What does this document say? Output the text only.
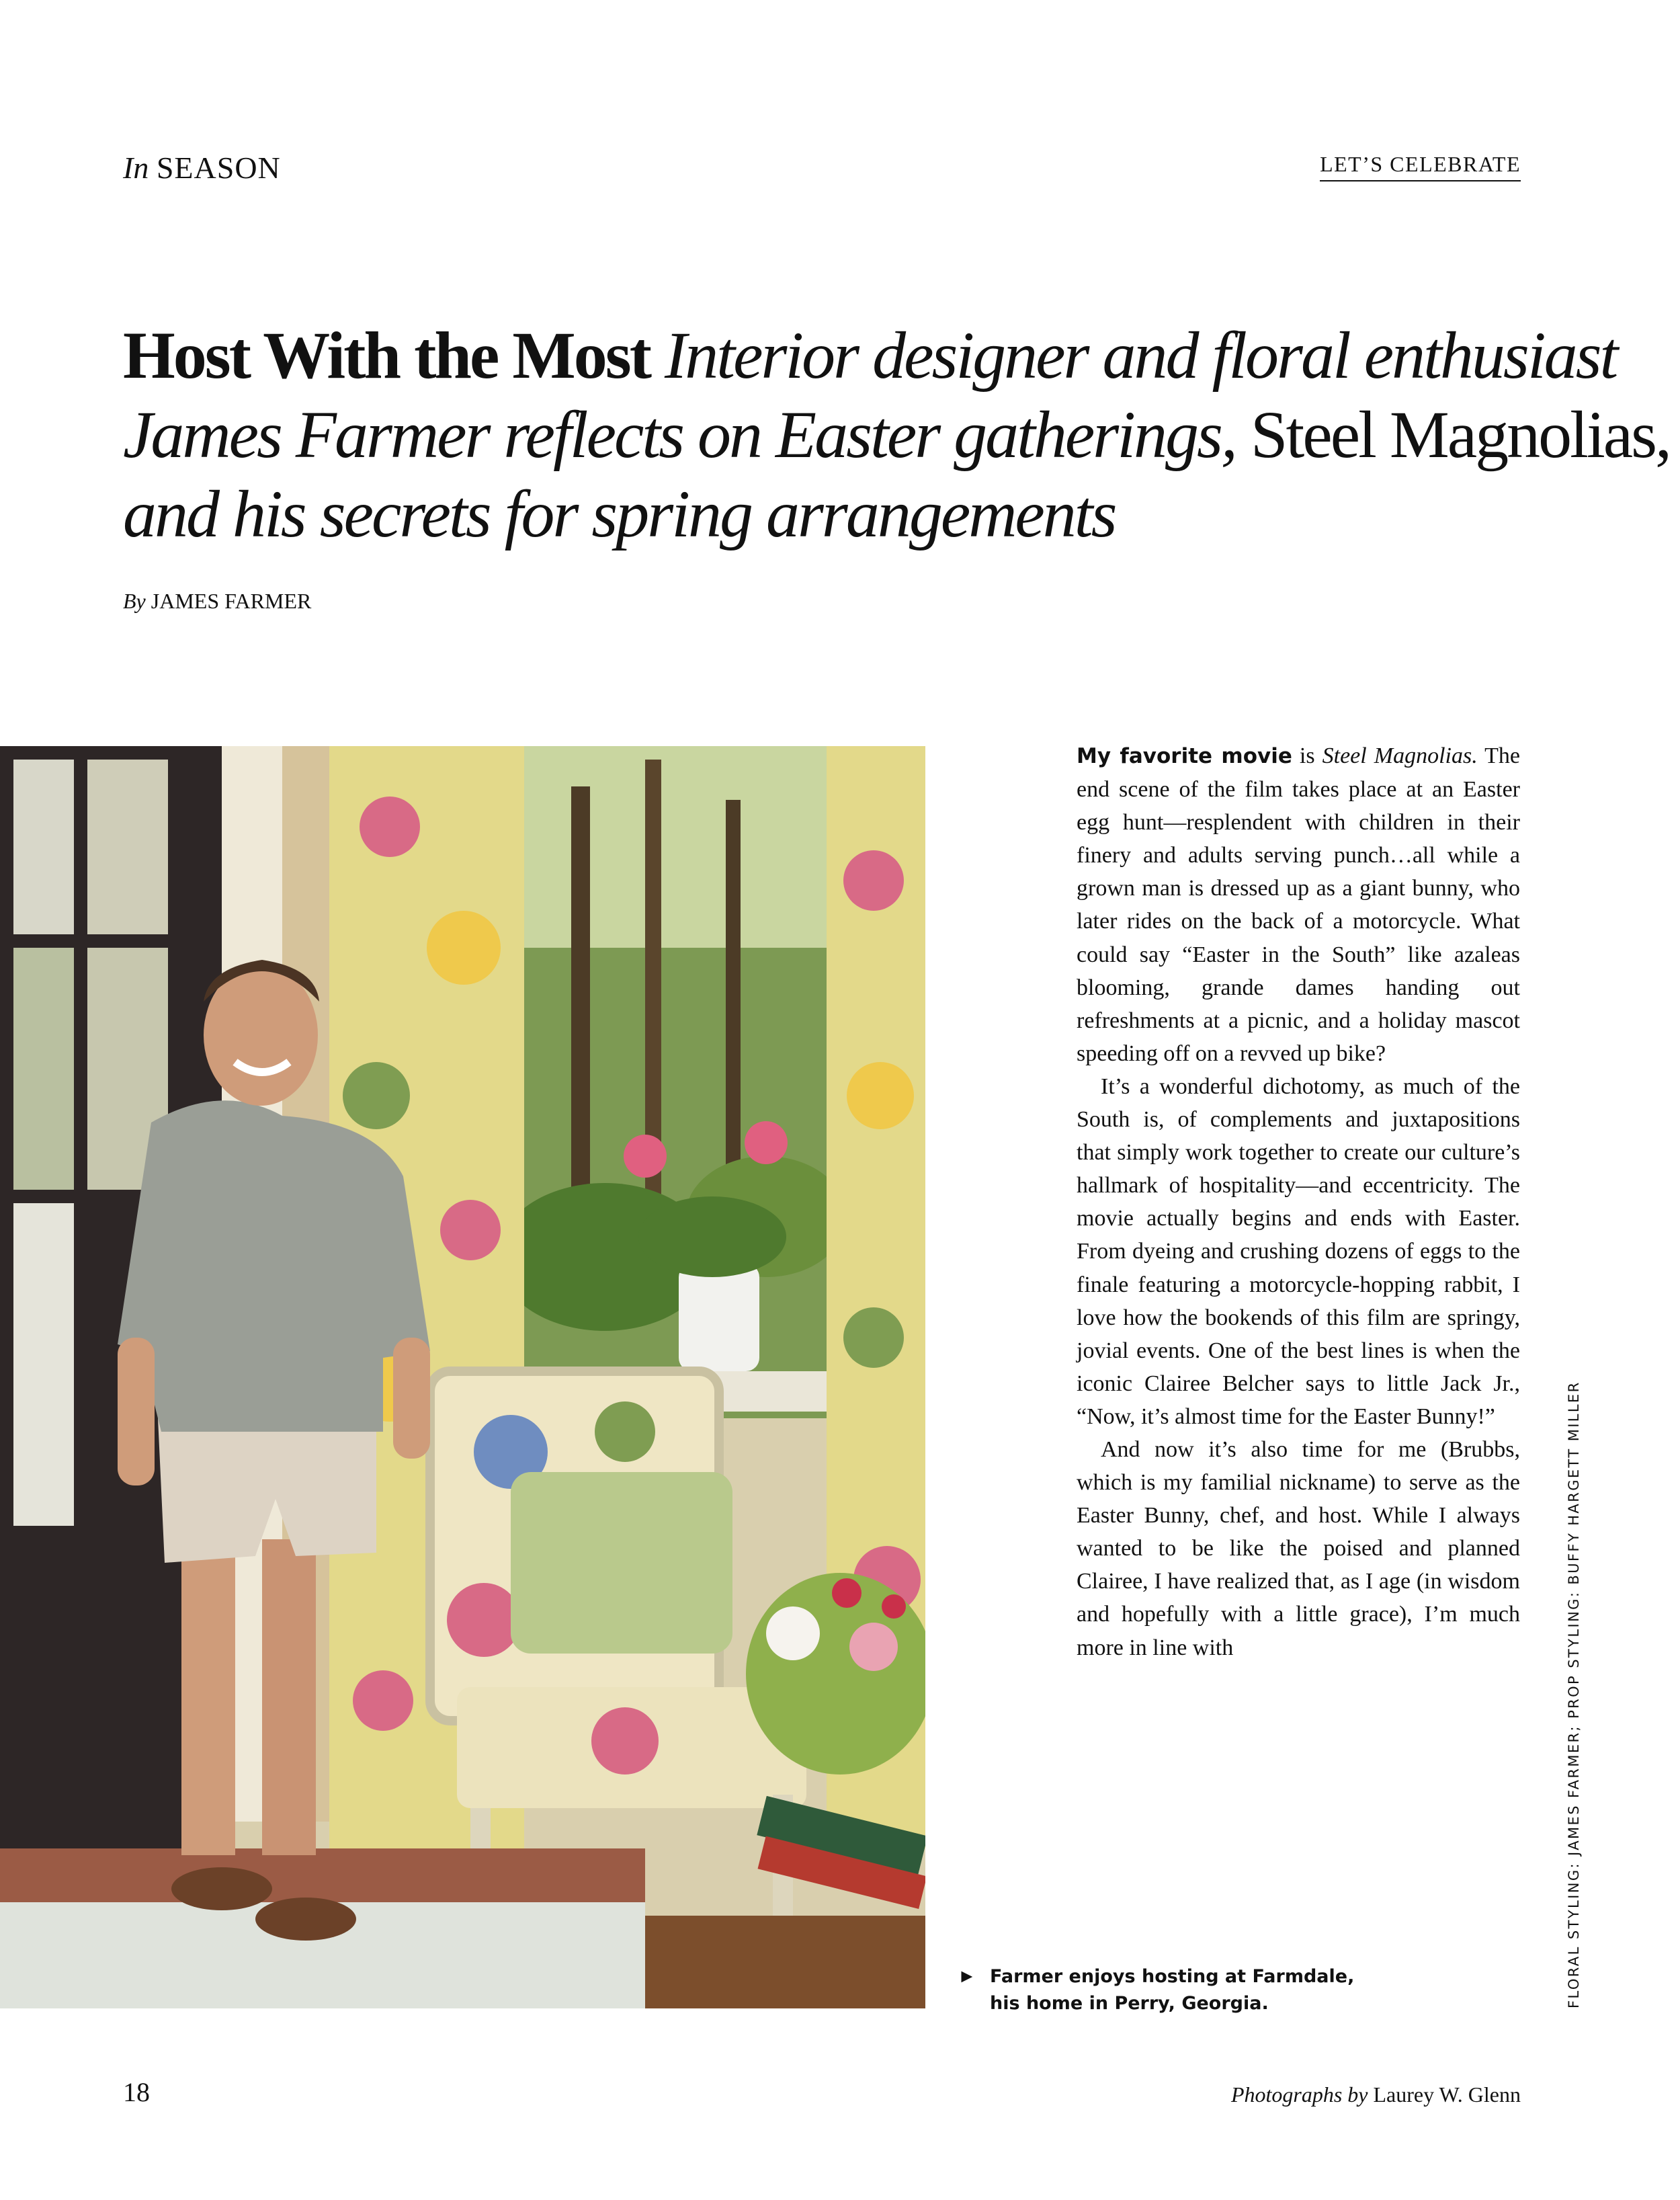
In SEASON	LET’S CELEBRATE
Host With the Most Interior designer and floral enthusiast
James Farmer reflects on Easter gatherings, Steel Magnolias,
and his secrets for spring arrangements
By JAMES FARMER

My favorite movie is Steel Magnolias. The end scene of the film takes place at an Easter egg hunt—resplendent with children in their finery and adults serving punch…all while a grown man is dressed up as a giant bunny, who later rides on the back of a motorcycle. What could say “Easter in the South” like azaleas blooming, grande dames handing out refreshments at a picnic, and a holiday mascot speeding off on a revved up bike?

It’s a wonderful dichotomy, as much of the South is, of complements and juxtapositions that simply work together to create our culture’s hallmark of hospitality—and eccentricity. The movie actually begins and ends with Easter. From dyeing and crushing dozens of eggs to the finale featuring a motorcycle-hopping rabbit, I love how the bookends of this film are springy, jovial events. One of the best lines is when the iconic Clairee Belcher says to little Jack Jr., “Now, it’s almost time for the Easter Bunny!”

And now it’s also time for me (Brubbs, which is my familial nickname) to serve as the Easter Bunny, chef, and host. While I always wanted to be like the poised and planned Clairee, I have realized that, as I age (in wisdom and hopefully with a little grace), I’m much more in line with

► Farmer enjoys hosting at Farmdale, his home in Perry, Georgia.	FLORAL STYLING: JAMES FARMER; PROP STYLING: BUFFY HARGETT MILLER
18	Photographs by Laurey W. Glenn
